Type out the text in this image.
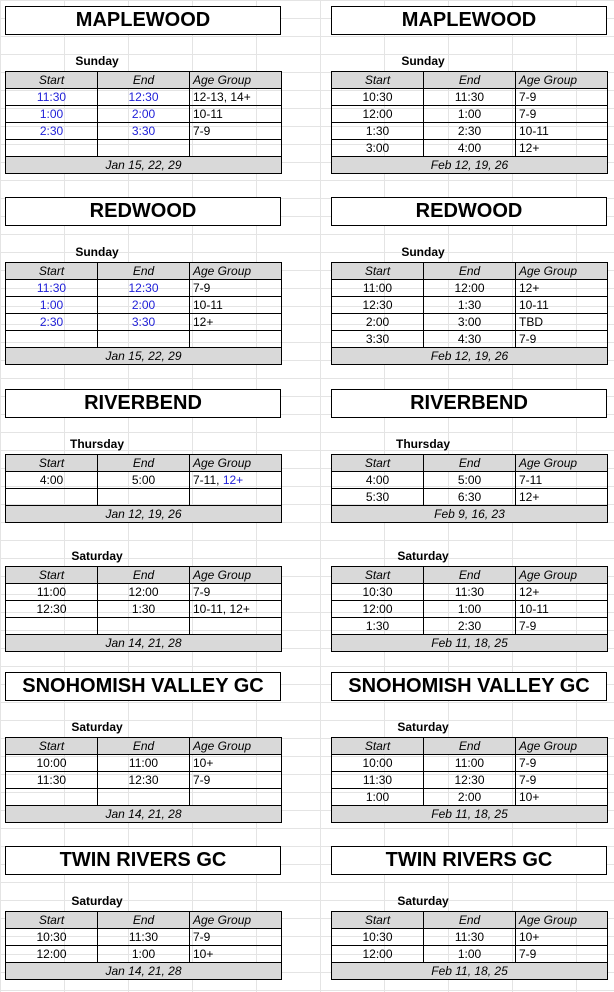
MAPLEWOOD
Sunday
Start	End	Age Group
11:30	12:30	12-13, 14+
1:00	2:00	10-11
2:30	3:30	7-9

Jan 15, 22, 29		
MAPLEWOOD
Sunday
Start	End	Age Group
10:30	11:30	7-9
12:00	1:00	7-9
1:30	2:30	10-11
3:00	4:00	12+
Feb 12, 19, 26		
REDWOOD
Sunday
Start	End	Age Group
11:30	12:30	7-9
1:00	2:00	10-11
2:30	3:30	12+

Jan 15, 22, 29		
REDWOOD
Sunday
Start	End	Age Group
11:00	12:00	12+
12:30	1:30	10-11
2:00	3:00	TBD
3:30	4:30	7-9
Feb 12, 19, 26		
RIVERBEND
Thursday
Start	End	Age Group
4:00	5:00	7-11, 12+

Jan 12, 19, 26		
RIVERBEND
Thursday
Start	End	Age Group
4:00	5:00	7-11
5:30	6:30	12+
Feb 9, 16, 23		
Saturday
Start	End	Age Group
11:00	12:00	7-9
12:30	1:30	10-11, 12+

Jan 14, 21, 28		
Saturday
Start	End	Age Group
10:30	11:30	12+
12:00	1:00	10-11
1:30	2:30	7-9
Feb 11, 18, 25		
SNOHOMISH VALLEY GC
Saturday
Start	End	Age Group
10:00	11:00	10+
11:30	12:30	7-9

Jan 14, 21, 28		
SNOHOMISH VALLEY GC
Saturday
Start	End	Age Group
10:00	11:00	7-9
11:30	12:30	7-9
1:00	2:00	10+
Feb 11, 18, 25		
TWIN RIVERS GC
Saturday
Start	End	Age Group
10:30	11:30	7-9
12:00	1:00	10+
Jan 14, 21, 28		
TWIN RIVERS GC
Saturday
Start	End	Age Group
10:30	11:30	10+
12:00	1:00	7-9
Feb 11, 18, 25		
